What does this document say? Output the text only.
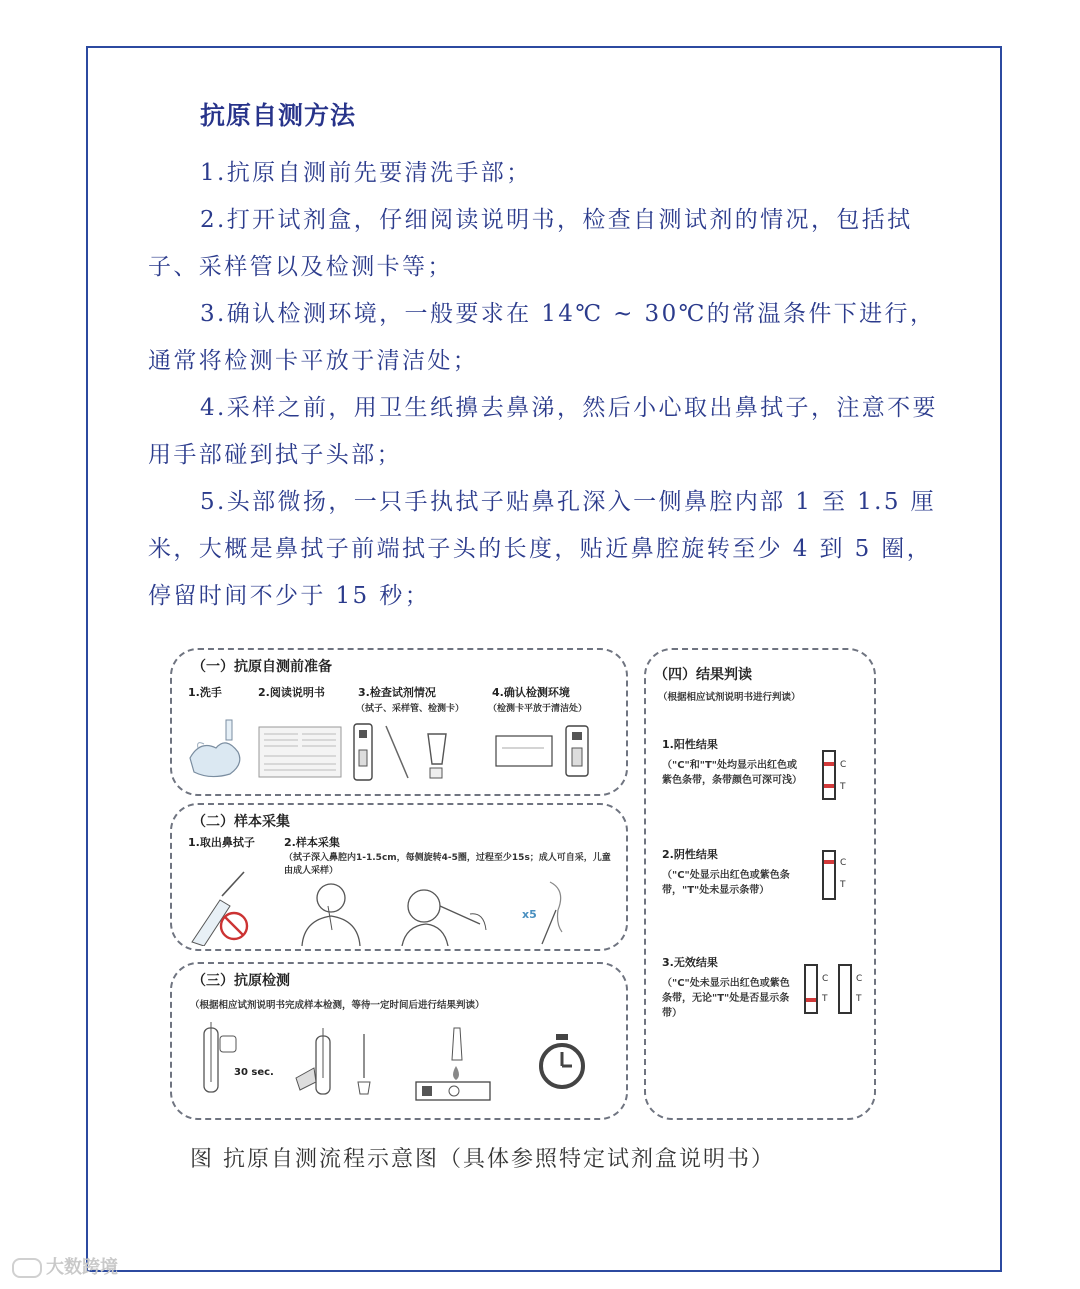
抗原自测方法

1.抗原自测前先要清洗手部；

2.打开试剂盒，仔细阅读说明书，检查自测试剂的情况，包括拭子、采样管以及检测卡等；

3.确认检测环境，一般要求在 14℃ ~ 30℃的常温条件下进行，通常将检测卡平放于清洁处；

4.采样之前，用卫生纸擤去鼻涕，然后小心取出鼻拭子，注意不要用手部碰到拭子头部；

5.头部微扬，一只手执拭子贴鼻孔深入一侧鼻腔内部 1 至 1.5 厘米，大概是鼻拭子前端拭子头的长度，贴近鼻腔旋转至少 4 到 5 圈，停留时间不少于 15 秒；

（一）抗原自测前准备
1.洗手	2.阅读说明书	3.检查试剂情况
（拭子、采样管、检测卡）
4.确认检测环境
（检测卡平放于清洁处）
（二）样本采集
1.取出鼻拭子	2.样本采集
（拭子深入鼻腔内1-1.5cm，每侧旋转4-5圈，过程至少15s；成人可自采，儿童由成人采样）
x5
（三）抗原检测
（根据相应试剂说明书完成样本检测，等待一定时间后进行结果判读）
30 sec.
（四）结果判读
（根据相应试剂说明书进行判读）
1.阳性结果
（"C"和"T"处均显示出红色或紫色条带，条带颜色可深可浅）
C
T
2.阴性结果
（"C"处显示出红色或紫色条带，"T"处未显示条带）
C
T
3.无效结果
（"C"处未显示出红色或紫色条带，无论"T"处是否显示条带）
C
T
C
T
图 抗原自测流程示意图（具体参照特定试剂盒说明书）
大数跨境
